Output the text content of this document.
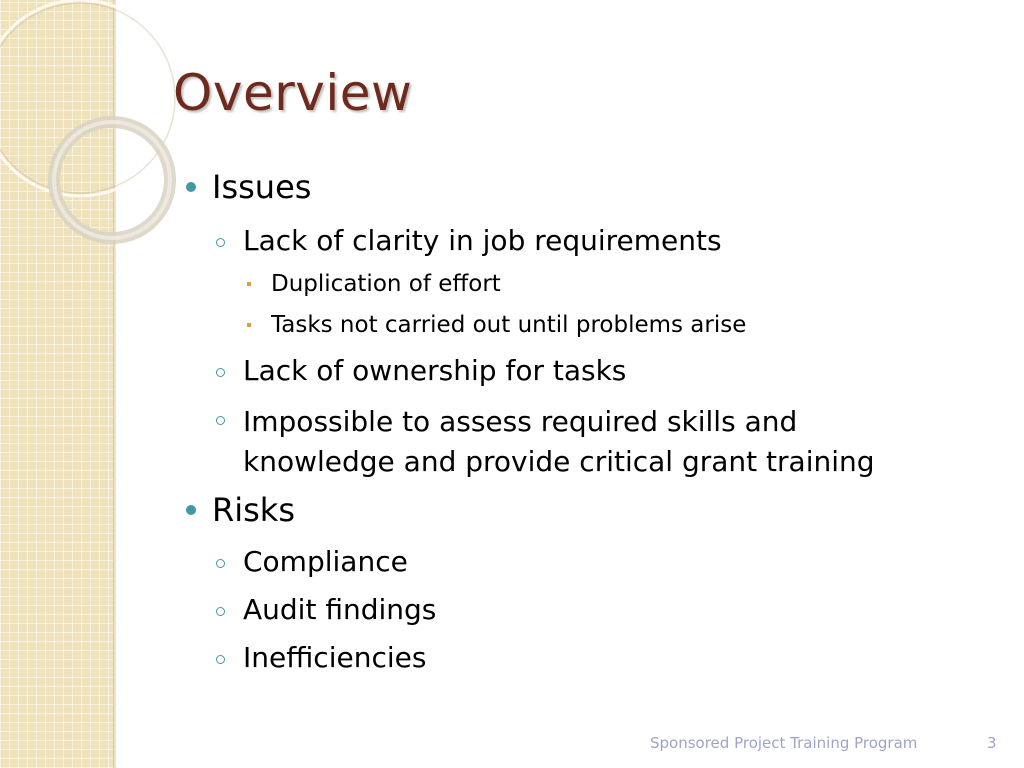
Overview
Issues
Lack of clarity in job requirements
Duplication of effort
Tasks not carried out until problems arise
Lack of ownership for tasks
Impossible to assess required skills and
knowledge and provide critical grant training
Risks
Compliance
Audit findings
Inefficiencies
Sponsored Project Training Program	3
